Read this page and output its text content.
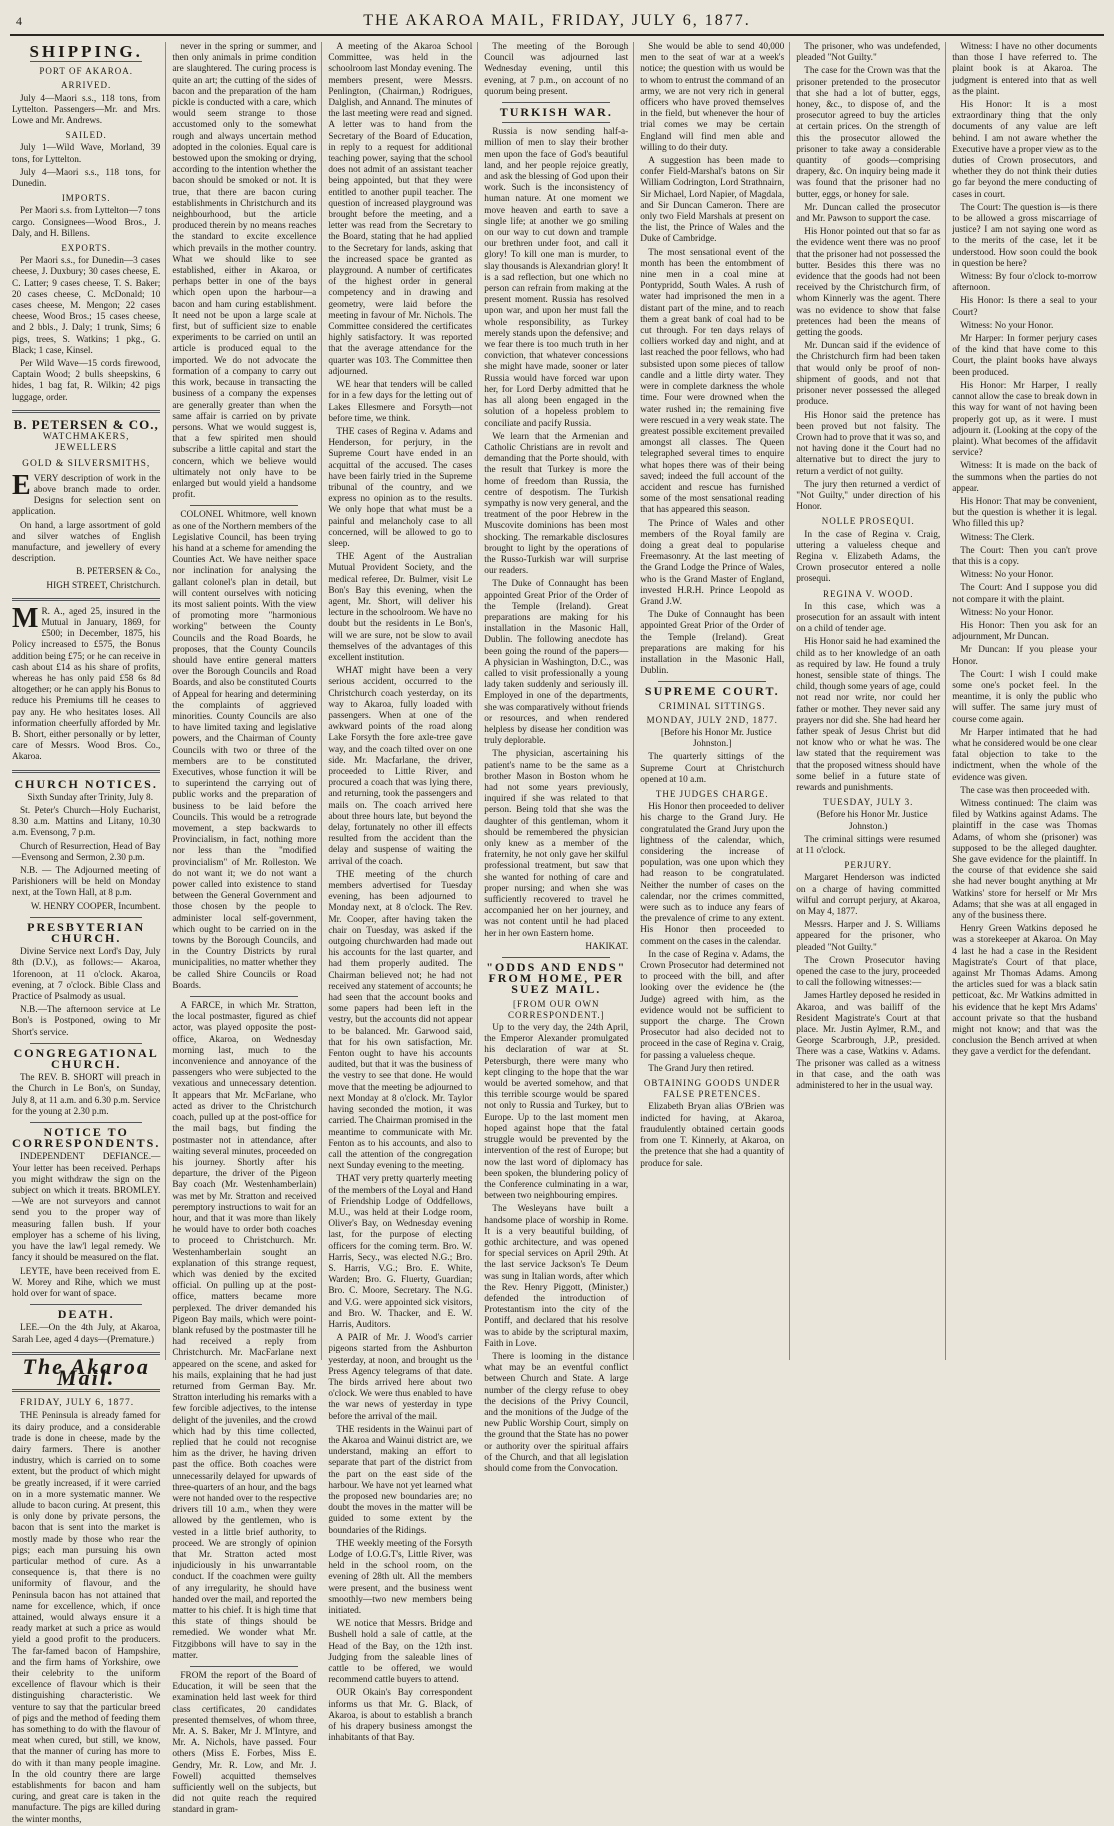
4	THE AKAROA MAIL, FRIDAY, JULY 6, 1877.
SHIPPING.
PORT OF AKAROA.
ARRIVED.

July 4—Maori s.s., 118 tons, from Lyttelton. Passengers—Mr. and Mrs. Lowe and Mr. Andrews.

SAILED.

July 1—Wild Wave, Morland, 39 tons, for Lyttelton.

July 4—Maori s.s., 118 tons, for Dunedin.

IMPORTS.

Per Maori s.s. from Lyttelton—7 tons cargo. Consignees—Wood Bros., J. Daly, and H. Billens.

EXPORTS.

Per Maori s.s., for Dunedin—3 cases cheese, J. Duxbury; 30 cases cheese, E. C. Latter; 9 cases cheese, T. S. Baker; 20 cases cheese, C. McDonald; 10 cases cheese, M. Mengon; 22 cases cheese, Wood Bros.; 15 cases cheese, and 2 bbls., J. Daly; 1 trunk, Sims; 6 pigs, trees, S. Watkins; 1 pkg., G. Black; 1 case, Kinsel.

Per Wild Wave—15 cords firewood, Captain Wood; 2 bulls sheepskins, 6 hides, 1 bag fat, R. Wilkin; 42 pigs luggage, order.

B. PETERSEN & CO.,
WATCHMAKERS, JEWELLERS
GOLD & SILVERSMITHS,

EVERY description of work in the above branch made to order. Designs for selection sent on application.

On hand, a large assortment of gold and silver watches of English manufacture, and jewellery of every description.

B. PETERSEN & Co.,

HIGH STREET, Christchurch.

M R. A., aged 25, insured in the Mutual in January, 1869, for £500; in December, 1875, his Policy increased to £575, the Bonus addition being £75; or he can receive in cash about £14 as his share of profits, whereas he has only paid £58 6s 8d altogether; or he can apply his Bonus to reduce his Premiums till he ceases to pay any. He who hesitates loses. All information cheerfully afforded by Mr. B. Short, either personally or by letter, care of Messrs. Wood Bros. Co., Akaroa.

CHURCH NOTICES.

Sixth Sunday after Trinity, July 8.

St. Peter's Church—Holy Eucharist, 8.30 a.m. Mattins and Litany, 10.30 a.m. Evensong, 7 p.m.

Church of Resurrection, Head of Bay—Evensong and Sermon, 2.30 p.m.

N.B. — The Adjourned meeting of Parishioners will be held on Monday next, at the Town Hall, at 8 p.m.

W. HENRY COOPER, Incumbent.

PRESBYTERIAN CHURCH.

Divine Service next Lord's Day, July 8th (D.V.), as follows:— Akaroa, 1forenoon, at 11 o'clock. Akaroa, evening, at 7 o'clock. Bible Class and Practice of Psalmody as usual.

N.B.—The afternoon service at Le Bon's is Postponed, owing to Mr Short's service.

CONGREGATIONAL CHURCH.

The REV. B. SHORT will preach in the Church in Le Bon's, on Sunday, July 8, at 11 a.m. and 6.30 p.m. Service for the young at 2.30 p.m.

NOTICE TO CORRESPONDENTS.

INDEPENDENT DEFIANCE.—Your letter has been received. Perhaps you might withdraw the sign on the subject on which it treats. BROMLEY.—We are not surveyors and cannot send you to the proper way of measuring fallen bush. If your employer has a scheme of his living, you have the law'l legal remedy. We fancy it should be measured on the flat.

LEYTE, have been received from E. W. Morey and Rihe, which we must hold over for want of space.

DEATH.

LEE.—On the 4th July, at Akaroa, Sarah Lee, aged 4 days—(Premature.)

The Akaroa Mail.

FRIDAY, JULY 6, 1877.

THE Peninsula is already famed for its dairy produce, and a considerable trade is done in cheese, made by the dairy farmers. There is another industry, which is carried on to some extent, but the product of which might be greatly increased, if it were carried on in a more systematic manner. We allude to bacon curing. At present, this is only done by private persons, the bacon that is sent into the market is mostly made by those who rear the pigs; each man pursuing his own particular method of cure. As a consequence is, that there is no uniformity of flavour, and the Peninsula bacon has not attained that name for excellence, which, if once attained, would always ensure it a ready market at such a price as would yield a good profit to the producers. The far-famed bacon of Hampshire, and the firm hams of Yorkshire, owe their celebrity to the uniform excellence of flavour which is their distinguishing characteristic. We venture to say that the particular breed of pigs and the method of feeding them has something to do with the flavour of meat when cured, but still, we know, that the manner of curing has more to do with it than many people imagine. In the old country there are large establishments for bacon and ham curing, and great care is taken in the manufacture. The pigs are killed during the winter months,

never in the spring or summer, and then only animals in prime condition are slaughtered. The curing process is quite an art; the cutting of the sides of bacon and the preparation of the ham pickle is conducted with a care, which would seem strange to those accustomed only to the somewhat rough and always uncertain method adopted in the colonies. Equal care is bestowed upon the smoking or drying, according to the intention whether the bacon should be smoked or not. It is true, that there are bacon curing establishments in Christchurch and its neighbourhood, but the article produced therein by no means reaches the standard to excite excellence which prevails in the mother country. What we should like to see established, either in Akaroa, or perhaps better in one of the bays which open upon the harbour—a bacon and ham curing establishment. It need not be upon a large scale at first, but of sufficient size to enable experiments to be carried on until an article is produced equal to the imported. We do not advocate the formation of a company to carry out this work, because in transacting the business of a company the expenses are generally greater than when the same affair is carried on by private persons. What we would suggest is, that a few spirited men should subscribe a little capital and start the concern, which we believe would ultimately not only have to be enlarged but would yield a handsome profit.

COLONEL Whitmore, well known as one of the Northern members of the Legislative Council, has been trying his hand at a scheme for amending the Counties Act. We have neither space nor inclination for analysing the gallant colonel's plan in detail, but will content ourselves with noticing its most salient points. With the view of promoting more "harmonious working" between the County Councils and the Road Boards, he proposes, that the County Councils should have entire general matters over the Borough Councils and Road Boards, and also be constituted Courts of Appeal for hearing and determining the complaints of aggrieved minorities. County Councils are also to have limited taxing and legislative powers, and the Chairman of County Councils with two or three of the members are to be constituted Executives, whose function it will be to superintend the carrying out of public works and the preparation of business to be laid before the Councils. This would be a retrograde movement, a step backwards to Provincialism, in fact, nothing more nor less than the "modified provincialism" of Mr. Rolleston. We do not want it; we do not want a power called into existence to stand between the General Government and those chosen by the people to administer local self-government, which ought to be carried on in the towns by the Borough Councils, and in the Country Districts by rural municipalities, no matter whether they be called Shire Councils or Road Boards.

A FARCE, in which Mr. Stratton, the local postmaster, figured as chief actor, was played opposite the post-office, Akaroa, on Wednesday morning last, much to the inconvenience and annoyance of the passengers who were subjected to the vexatious and unnecessary detention. It appears that Mr. McFarlane, who acted as driver to the Christchurch coach, pulled up at the post-office for the mail bags, but finding the postmaster not in attendance, after waiting several minutes, proceeded on his journey. Shortly after his departure, the driver of the Pigeon Bay coach (Mr. Westenhamberlain) was met by Mr. Stratton and received peremptory instructions to wait for an hour, and that it was more than likely he would have to order both coaches to proceed to Christchurch. Mr. Westenhamberlain sought an explanation of this strange request, which was denied by the excited official. On pulling up at the post-office, matters became more perplexed. The driver demanded his Pigeon Bay mails, which were point-blank refused by the postmaster till he had received a reply from Christchurch. Mr. MacFarlane next appeared on the scene, and asked for his mails, explaining that he had just returned from German Bay. Mr. Stratton interluding his remarks with a few forcible adjectives, to the intense delight of the juveniles, and the crowd which had by this time collected, replied that he could not recognise him as the driver, he having driven past the office. Both coaches were unnecessarily delayed for upwards of three-quarters of an hour, and the bags were not handed over to the respective drivers till 10 a.m., when they were allowed by the gentlemen, who is vested in a little brief authority, to proceed. We are strongly of opinion that Mr. Stratton acted most injudiciously in his unwarrantable conduct. If the coachmen were guilty of any irregularity, he should have handed over the mail, and reported the matter to his chief. It is high time that this state of things should be remedied. We wonder what Mr. Fitzgibbons will have to say in the matter.

FROM the report of the Board of Education, it will be seen that the examination held last week for third class certificates, 20 candidates presented themselves, of whom three, Mr. A. S. Baker, Mr J. M'Intyre, and Mr. A. Nichols, have passed. Four others (Miss E. Forbes, Miss E. Gendry, Mr. R. Low, and Mr. J. Fowell) acquitted themselves sufficiently well on the subjects, but did not quite reach the required standard in gram-

A meeting of the Akaroa School Committee, was held in the schoolroom last Monday evening. The members present, were Messrs. Penlington, (Chairman,) Rodrigues, Dalglish, and Annand. The minutes of the last meeting were read and signed. A letter was to hand from the Secretary of the Board of Education, in reply to a request for additional teaching power, saying that the school does not admit of an assistant teacher being appointed, but that they were entitled to another pupil teacher. The question of increased playground was brought before the meeting, and a letter was read from the Secretary to the Board, stating that he had applied to the Secretary for lands, asking that the increased space be granted as playground. A number of certificates of the highest order in general competency and in drawing and geometry, were laid before the meeting in favour of Mr. Nichols. The Committee considered the certificates highly satisfactory. It was reported that the average attendance for the quarter was 103. The Committee then adjourned.

WE hear that tenders will be called for in a few days for the letting out of Lakes Ellesmere and Forsyth—not before time, we think.

THE cases of Regina v. Adams and Henderson, for perjury, in the Supreme Court have ended in an acquittal of the accused. The cases have been fairly tried in the Supreme tribunal of the country, and we express no opinion as to the results. We only hope that what must be a painful and melancholy case to all concerned, will be allowed to go to sleep.

THE Agent of the Australian Mutual Provident Society, and the medical referee, Dr. Bulmer, visit Le Bon's Bay this evening, when the agent, Mr. Short, will deliver his lecture in the schoolroom. We have no doubt but the residents in Le Bon's, will we are sure, not be slow to avail themselves of the advantages of this excellent institution.

WHAT might have been a very serious accident, occurred to the Christchurch coach yesterday, on its way to Akaroa, fully loaded with passengers. When at one of the awkward points of the road along Lake Forsyth the fore axle-tree gave way, and the coach tilted over on one side. Mr. Macfarlane, the driver, proceeded to Little River, and procured a coach that was lying there, and returning, took the passengers and mails on. The coach arrived here about three hours late, but beyond the delay, fortunately no other ill effects resulted from the accident than the delay and suspense of waiting the arrival of the coach.

THE meeting of the church members advertised for Tuesday evening, has been adjourned to Monday next, at 8 o'clock. The Rev. Mr. Cooper, after having taken the chair on Tuesday, was asked if the outgoing churchwarden had made out his accounts for the last quarter, and had them properly audited. The Chairman believed not; he had not received any statement of accounts; he had seen that the account books and some papers had been left in the vestry, but the accounts did not appear to be balanced. Mr. Garwood said, that for his own satisfaction, Mr. Fenton ought to have his accounts audited, but that it was the business of the vestry to see that done. He would move that the meeting be adjourned to next Monday at 8 o'clock. Mr. Taylor having seconded the motion, it was carried. The Chairman promised in the meantime to communicate with Mr. Fenton as to his accounts, and also to call the attention of the congregation next Sunday evening to the meeting.

THAT very pretty quarterly meeting of the members of the Loyal and Hand of Friendship Lodge of Oddfellows, M.U., was held at their Lodge room, Oliver's Bay, on Wednesday evening last, for the purpose of electing officers for the coming term. Bro. W. Harris, Secy., was elected N.G.; Bro. S. Harris, V.G.; Bro. E. White, Warden; Bro. G. Fluerty, Guardian; Bro. C. Moore, Secretary. The N.G. and V.G. were appointed sick visitors, and Bro. W. Thacker, and E. W. Harris, Auditors.

A PAIR of Mr. J. Wood's carrier pigeons started from the Ashburton yesterday, at noon, and brought us the Press Agency telegrams of that date. The birds arrived here about two o'clock. We were thus enabled to have the war news of yesterday in type before the arrival of the mail.

THE residents in the Wainui part of the Akaroa and Wainui district are, we understand, making an effort to separate that part of the district from the part on the east side of the harbour. We have not yet learned what the proposed new boundaries are; no doubt the moves in the matter will be guided to some extent by the boundaries of the Ridings.

THE weekly meeting of the Forsyth Lodge of I.O.G.T's, Little River, was held in the school room, on the evening of 28th ult. All the members were present, and the business went smoothly—two new members being initiated.

WE notice that Messrs. Bridge and Bushell hold a sale of cattle, at the Head of the Bay, on the 12th inst. Judging from the saleable lines of cattle to be offered, we would recommend cattle buyers to attend.

OUR Okain's Bay correspondent informs us that Mr. G. Black, of Akaroa, is about to establish a branch of his drapery business amongst the inhabitants of that Bay.

The meeting of the Borough Council was adjourned last Wednesday evening, until this evening, at 7 p.m., on account of no quorum being present.

TURKISH WAR.

Russia is now sending half-a-million of men to slay their brother men upon the face of God's beautiful land, and her people rejoice greatly, and ask the blessing of God upon their work. Such is the inconsistency of human nature. At one moment we move heaven and earth to save a single life; at another we go smiling on our way to cut down and trample our brethren under foot, and call it glory! To kill one man is murder, to slay thousands is Alexandrian glory! It is a sad reflection, but one which no person can refrain from making at the present moment. Russia has resolved upon war, and upon her must fall the whole responsibility, as Turkey merely stands upon the defensive; and we fear there is too much truth in her conviction, that whatever concessions she might have made, sooner or later Russia would have forced war upon her, for Lord Derby admitted that he has all along been engaged in the solution of a hopeless problem to conciliate and pacify Russia.

We learn that the Armenian and Catholic Christians are in revolt and demanding that the Porte should, with the result that Turkey is more the home of freedom than Russia, the centre of despotism. The Turkish sympathy is now very general, and the treatment of the poor Hebrew in the Muscovite dominions has been most shocking. The remarkable disclosures brought to light by the operations of the Russo-Turkish war will surprise our readers.

The Duke of Connaught has been appointed Great Prior of the Order of the Temple (Ireland). Great preparations are making for his installation in the Masonic Hall, Dublin. The following anecdote has been going the round of the papers—A physician in Washington, D.C., was called to visit professionally a young lady taken suddenly and seriously ill. Employed in one of the departments, she was comparatively without friends or resources, and when rendered helpless by disease her condition was truly deplorable.

The physician, ascertaining his patient's name to be the same as a brother Mason in Boston whom he had not some years previously, inquired if she was related to that person. Being told that she was the daughter of this gentleman, whom it should be remembered the physician only knew as a member of the fraternity, he not only gave her skilful professional treatment, but saw that she wanted for nothing of care and proper nursing; and when she was sufficiently recovered to travel he accompanied her on her journey, and was not content until he had placed her in her own Eastern home.

HAKIKAT.

"ODDS AND ENDS" FROM HOME, PER SUEZ MAIL.
[FROM OUR OWN CORRESPONDENT.]

Up to the very day, the 24th April, the Emperor Alexander promulgated his declaration of war at St. Petersburgh, there were many who kept clinging to the hope that the war would be averted somehow, and that this terrible scourge would be spared not only to Russia and Turkey, but to Europe. Up to the last moment men hoped against hope that the fatal struggle would be prevented by the intervention of the rest of Europe; but now the last word of diplomacy has been spoken, the blundering policy of the Conference culminating in a war, between two neighbouring empires.

The Wesleyans have built a handsome place of worship in Rome. It is a very beautiful building, of gothic architecture, and was opened for special services on April 29th. At the last service Jackson's Te Deum was sung in Italian words, after which the Rev. Henry Piggott, (Minister,) defended the introduction of Protestantism into the city of the Pontiff, and declared that his resolve was to abide by the scriptural maxim, Faith in Love.

There is looming in the distance what may be an eventful conflict between Church and State. A large number of the clergy refuse to obey the decisions of the Privy Council, and the monitions of the Judge of the new Public Worship Court, simply on the ground that the State has no power or authority over the spiritual affairs of the Church, and that all legislation should come from the Convocation.

She would be able to send 40,000 men to the seat of war at a week's notice; the question with us would be to whom to entrust the command of an army, we are not very rich in general officers who have proved themselves in the field, but whenever the hour of trial comes we may be certain England will find men able and willing to do their duty.

A suggestion has been made to confer Field-Marshal's batons on Sir William Codrington, Lord Strathnairn, Sir Michael, Lord Napier, of Magdala, and Sir Duncan Cameron. There are only two Field Marshals at present on the list, the Prince of Wales and the Duke of Cambridge.

The most sensational event of the month has been the entombment of nine men in a coal mine at Pontypridd, South Wales. A rush of water had imprisoned the men in a distant part of the mine, and to reach them a great bank of coal had to be cut through. For ten days relays of colliers worked day and night, and at last reached the poor fellows, who had subsisted upon some pieces of tallow candle and a little dirty water. They were in complete darkness the whole time. Four were drowned when the water rushed in; the remaining five were rescued in a very weak state. The greatest possible excitement prevailed amongst all classes. The Queen telegraphed several times to enquire what hopes there was of their being saved; indeed the full account of the accident and rescue has furnished some of the most sensational reading that has appeared this season.

The Prince of Wales and other members of the Royal family are doing a great deal to popularise Freemasonry. At the last meeting of the Grand Lodge the Prince of Wales, who is the Grand Master of England, invested H.R.H. Prince Leopold as Grand J.W.

The Duke of Connaught has been appointed Great Prior of the Order of the Temple (Ireland). Great preparations are making for his installation in the Masonic Hall, Dublin.

SUPREME COURT.
CRIMINAL SITTINGS.
MONDAY, JULY 2ND, 1877.

[Before his Honor Mr. Justice Johnston.]

The quarterly sittings of the Supreme Court at Christchurch opened at 10 a.m.

THE JUDGES CHARGE.

His Honor then proceeded to deliver his charge to the Grand Jury. He congratulated the Grand Jury upon the lightness of the calendar, which, considering the increase of population, was one upon which they had reason to be congratulated. Neither the number of cases on the calendar, nor the crimes committed, were such as to induce any fears of the prevalence of crime to any extent. His Honor then proceeded to comment on the cases in the calendar.

In the case of Regina v. Adams, the Crown Prosecutor had determined not to proceed with the bill, and after looking over the evidence he (the Judge) agreed with him, as the evidence would not be sufficient to support the charge. The Crown Prosecutor had also decided not to proceed in the case of Regina v. Craig, for passing a valueless cheque.

The Grand Jury then retired.

OBTAINING GOODS UNDER FALSE PRETENCES.

Elizabeth Bryan alias O'Brien was indicted for having, at Akaroa, fraudulently obtained certain goods from one T. Kinnerly, at Akaroa, on the pretence that she had a quantity of produce for sale.

The prisoner, who was undefended, pleaded "Not Guilty."

The case for the Crown was that the prisoner pretended to the prosecutor that she had a lot of butter, eggs, honey, &c., to dispose of, and the prosecutor agreed to buy the articles at certain prices. On the strength of this the prosecutor allowed the prisoner to take away a considerable quantity of goods—comprising drapery, &c. On inquiry being made it was found that the prisoner had no butter, eggs, or honey for sale.

Mr. Duncan called the prosecutor and Mr. Pawson to support the case.

His Honor pointed out that so far as the evidence went there was no proof that the prisoner had not possessed the butter. Besides this there was no evidence that the goods had not been received by the Christchurch firm, of whom Kinnerly was the agent. There was no evidence to show that false pretences had been the means of getting the goods.

Mr. Duncan said if the evidence of the Christchurch firm had been taken that would only be proof of non-shipment of goods, and not that prisoner never possessed the alleged produce.

His Honor said the pretence has been proved but not falsity. The Crown had to prove that it was so, and not having done it the Court had no alternative but to direct the jury to return a verdict of not guilty.

The jury then returned a verdict of "Not Guilty," under direction of his Honor.

NOLLE PROSEQUI.

In the case of Regina v. Craig, uttering a valueless cheque and Regina v. Elizabeth Adams, the Crown prosecutor entered a nolle prosequi.

REGINA V. WOOD.

In this case, which was a prosecution for an assault with intent on a child of tender age.

His Honor said he had examined the child as to her knowledge of an oath as required by law. He found a truly honest, sensible state of things. The child, though some years of age, could not read nor write, nor could her father or mother. They never said any prayers nor did she. She had heard her father speak of Jesus Christ but did not know who or what he was. The law stated that the requirement was that the proposed witness should have some belief in a future state of rewards and punishments.

TUESDAY, JULY 3.

(Before his Honor Mr. Justice Johnston.)

The criminal sittings were resumed at 11 o'clock.

PERJURY.

Margaret Henderson was indicted on a charge of having committed wilful and corrupt perjury, at Akaroa, on May 4, 1877.

Messrs. Harper and J. S. Williams appeared for the prisoner, who pleaded "Not Guilty."

The Crown Prosecutor having opened the case to the jury, proceeded to call the following witnesses:—

James Hartley deposed he resided in Akaroa, and was bailiff of the Resident Magistrate's Court at that place. Mr. Justin Aylmer, R.M., and George Scarbrough, J.P., presided. There was a case, Watkins v. Adams. The prisoner was called as a witness in that case, and the oath was administered to her in the usual way.

Witness: I have no other documents than those I have referred to. The plaint book is at Akaroa. The judgment is entered into that as well as the plaint.

His Honor: It is a most extraordinary thing that the only documents of any value are left behind. I am not aware whether the Executive have a proper view as to the duties of Crown prosecutors, and whether they do not think their duties go far beyond the mere conducting of cases in court.

The Court: The question is—is there to be allowed a gross miscarriage of justice? I am not saying one word as to the merits of the case, let it be understood. How soon could the book in question be here?

Witness: By four o'clock to-morrow afternoon.

His Honor: Is there a seal to your Court?

Witness: No your Honor.

Mr Harper: In former perjury cases of the kind that have come to this Court, the plaint books have always been produced.

His Honor: Mr Harper, I really cannot allow the case to break down in this way for want of not having been properly got up, as it were. I must adjourn it. (Looking at the copy of the plaint). What becomes of the affidavit service?

Witness: It is made on the back of the summons when the parties do not appear.

His Honor: That may be convenient, but the question is whether it is legal. Who filled this up?

Witness: The Clerk.

The Court: Then you can't prove that this is a copy.

Witness: No your Honor.

The Court: And I suppose you did not compare it with the plaint.

Witness: No your Honor.

His Honor: Then you ask for an adjournment, Mr Duncan.

Mr Duncan: If you please your Honor.

The Court: I wish I could make some one's pocket feel. In the meantime, it is only the public who will suffer. The same jury must of course come again.

Mr Harper intimated that he had what he considered would be one clear fatal objection to take to the indictment, when the whole of the evidence was given.

The case was then proceeded with.

Witness continued: The claim was filed by Watkins against Adams. The plaintiff in the case was Thomas Adams, of whom she (prisoner) was supposed to be the alleged daughter. She gave evidence for the plaintiff. In the course of that evidence she said she had never bought anything at Mr Watkins' store for herself or Mr Mrs Adams; that she was at all engaged in any of the business there.

Henry Green Watkins deposed he was a storekeeper at Akaroa. On May 4 last he had a case in the Resident Magistrate's Court of that place, against Mr Thomas Adams. Among the articles sued for was a black satin petticoat, &c. Mr Watkins admitted in his evidence that he kept Mrs Adams' account private so that the husband might not know; and that was the conclusion the Bench arrived at when they gave a verdict for the defendant.
